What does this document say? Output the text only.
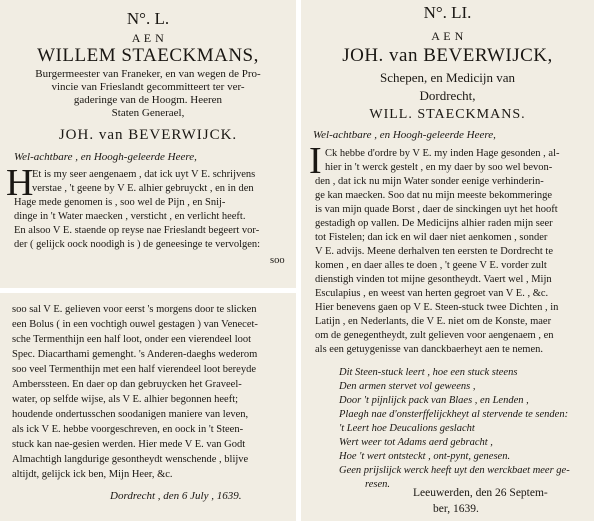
N°. L.
A E N
WILLEM STAECKMANS,
Burgermeester van Franeker, en van wegen de Pro-
vincie van Frieslandt gecommitteert ter ver-
gaderinge van de Hoogm. Heeren
Staten Generael,
JOH. van BEVERWIJCK.
Wel-achtbare , en Hoogh-geleerde Heere,
H
Et is my seer aengenaem , dat ick uyt V E. schrijvens
verstae , 't geene by V E. alhier gebruyckt , en in den
Hage mede genomen is , soo wel de Pijn , en Snij-
dinge in 't Water maecken , versticht , en verlicht heeft.
En alsoo V E. staende op reyse nae Frieslandt begeert vor-
der ( gelijck oock noodigh is ) de geneesinge te vervolgen:
soo
soo sal V E. gelieven voor eerst 's morgens door te slicken
een Bolus ( in een vochtigh ouwel gestagen ) van Venecet-
sche Termenthijn een half loot, onder een vierendeel loot
Spec. Diacarthami gemenght. 's Anderen-daeghs wederom
soo veel Termenthijn met een half vierendeel loot bereyde
Amberssteen. En daer op dan gebruycken het Graveel-
water, op selfde wijse, als V E. alhier begonnen heeft;
houdende ondertusschen soodanigen maniere van leven,
als ick V E. hebbe voorgeschreven, en oock in 't Steen-
stuck kan nae-gesien werden. Hier mede V E. van Godt
Almachtigh langdurige gesontheydt wenschende , blijve
altijdt, gelijck ick ben, Mijn Heer, &c.
Dordrecht , den 6 July , 1639.
N°. LI.
A E N
JOH. van BEVERWIJCK,
Schepen, en Medicijn van
Dordrecht,
WILL. STAECKMANS.
Wel-achtbare , en Hoogh-geleerde Heere,
I Ck hebbe d'ordre by V E. my inden Hage gesonden , al-
hier in 't werck gestelt , en my daer by soo wel bevon-
den , dat ick nu mijn Water sonder eenige verhinderin-
ge kan maecken. Soo dat nu mijn meeste bekommeringe
is van mijn quade Borst , daer de sinckingen uyt het hooft
gestadigh op vallen. De Medicijns alhier raden mijn seer
tot Fistelen; dan ick en wil daer niet aenkomen , sonder
V E. advijs. Meene derhalven ten eersten te Dordrecht te
komen , en daer alles te doen , 't geene V E. vorder zult
dienstigh vinden tot mijne gesontheydt. Vaert wel , Mijn
Esculapius , en weest van herten gegroet van V E. , &c.
Hier benevens gaen op V E. Steen-stuck twee Dichten , in
Latijn , en Nederlants, die V E. niet om de Konste, maer
om de genegentheydt, zult gelieven voor aengenaem , en
als een getuygenisse van danckbaerheyt aen te nemen.
Dit Steen-stuck leert , hoe een stuck steens
Den armen stervet vol geweens ,
Door 't pijnlijck pack van Blaes , en Lenden ,
Plaegh nae d'onsterffelijckheyt al stervende te senden:
't Leert hoe Deucalions geslacht
Wert weer tot Adams aerd gebracht ,
Hoe 't wert ontsteckt , ont-pynt, genesen.
Geen prijslijck werck heeft uyt den werckbaet meer ge-
resen.
Leeuwerden, den 26 Septem-
ber, 1639.
